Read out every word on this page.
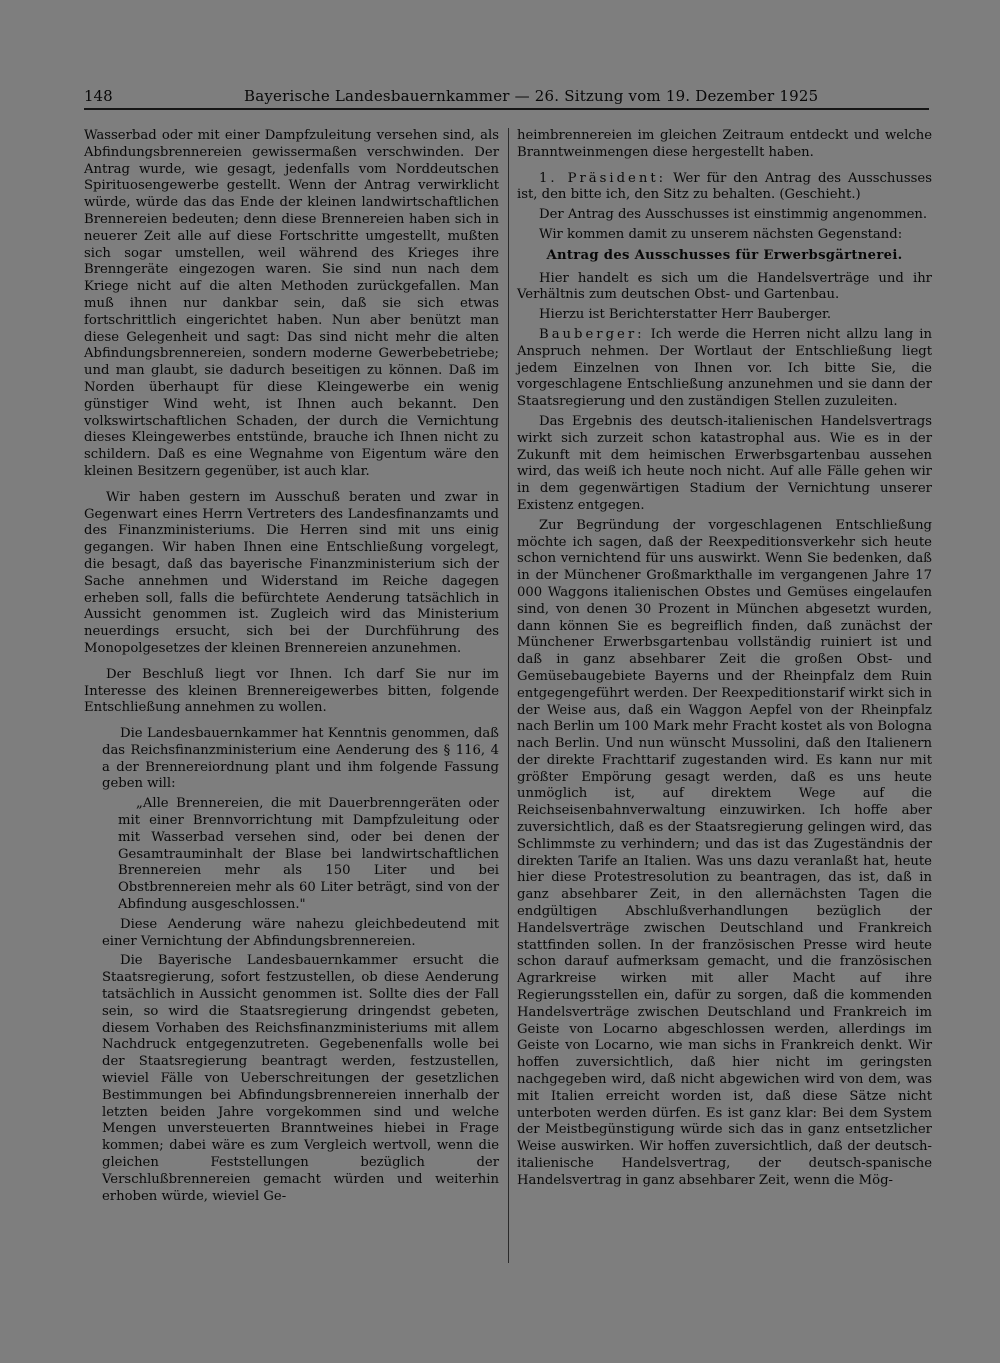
148	Bayerische Landesbauernkammer — 26. Sitzung vom 19. Dezember 1925

Wasserbad oder mit einer Dampfzuleitung versehen sind, als Abfindungsbrennereien gewissermaßen verschwinden. Der Antrag wurde, wie gesagt, jedenfalls vom Norddeutschen Spirituosengewerbe gestellt. Wenn der Antrag verwirklicht würde, würde das das Ende der kleinen landwirtschaftlichen Brennereien bedeuten; denn diese Brennereien haben sich in neuerer Zeit alle auf diese Fortschritte umgestellt, mußten sich sogar umstellen, weil während des Krieges ihre Brenngeräte eingezogen waren. Sie sind nun nach dem Kriege nicht auf die alten Methoden zurückgefallen. Man muß ihnen nur dankbar sein, daß sie sich etwas fortschrittlich eingerichtet haben. Nun aber benützt man diese Gelegenheit und sagt: Das sind nicht mehr die alten Abfindungsbrennereien, sondern moderne Gewerbebetriebe; und man glaubt, sie dadurch beseitigen zu können. Daß im Norden überhaupt für diese Kleingewerbe ein wenig günstiger Wind weht, ist Ihnen auch bekannt. Den volkswirtschaftlichen Schaden, der durch die Vernichtung dieses Kleingewerbes entstünde, brauche ich Ihnen nicht zu schildern. Daß es eine Wegnahme von Eigentum wäre den kleinen Besitzern gegenüber, ist auch klar.

Wir haben gestern im Ausschuß beraten und zwar in Gegenwart eines Herrn Vertreters des Landesfinanzamts und des Finanzministeriums. Die Herren sind mit uns einig gegangen. Wir haben Ihnen eine Entschließung vorgelegt, die besagt, daß das bayerische Finanzministerium sich der Sache annehmen und Widerstand im Reiche dagegen erheben soll, falls die befürchtete Aenderung tatsächlich in Aussicht genommen ist. Zugleich wird das Ministerium neuerdings ersucht, sich bei der Durchführung des Monopolgesetzes der kleinen Brennereien anzunehmen.

Der Beschluß liegt vor Ihnen. Ich darf Sie nur im Interesse des kleinen Brennereigewerbes bitten, folgende Entschließung annehmen zu wollen.

Die Landesbauernkammer hat Kenntnis genommen, daß das Reichsfinanzministerium eine Aenderung des § 116, 4 a der Brennereiordnung plant und ihm folgende Fassung geben will:

„Alle Brennereien, die mit Dauerbrenngeräten oder mit einer Brennvorrichtung mit Dampfzuleitung oder mit Wasserbad versehen sind, oder bei denen der Gesamtrauminhalt der Blase bei landwirtschaftlichen Brennereien mehr als 150 Liter und bei Obstbrennereien mehr als 60 Liter beträgt, sind von der Abfindung ausgeschlossen."

Diese Aenderung wäre nahezu gleichbedeutend mit einer Vernichtung der Abfindungsbrennereien.

Die Bayerische Landesbauernkammer ersucht die Staatsregierung, sofort festzustellen, ob diese Aenderung tatsächlich in Aussicht genommen ist. Sollte dies der Fall sein, so wird die Staatsregierung dringendst gebeten, diesem Vorhaben des Reichsfinanzministeriums mit allem Nachdruck entgegenzutreten. Gegebenenfalls wolle bei der Staatsregierung beantragt werden, festzustellen, wieviel Fälle von Ueberschreitungen der gesetzlichen Bestimmungen bei Abfindungsbrennereien innerhalb der letzten beiden Jahre vorgekommen sind und welche Mengen unversteuerten Branntweines hiebei in Frage kommen; dabei wäre es zum Vergleich wertvoll, wenn die gleichen Feststellungen bezüglich der Verschlußbrennereien gemacht würden und weiterhin erhoben würde, wieviel Ge-

heimbrennereien im gleichen Zeitraum entdeckt und welche Branntweinmengen diese hergestellt haben.

1. Präsident: Wer für den Antrag des Ausschusses ist, den bitte ich, den Sitz zu behalten. (Geschieht.)

Der Antrag des Ausschusses ist einstimmig angenommen.

Wir kommen damit zu unserem nächsten Gegenstand:

Antrag des Ausschusses für Erwerbsgärtnerei.

Hier handelt es sich um die Handelsverträge und ihr Verhältnis zum deutschen Obst- und Gartenbau.

Hierzu ist Berichterstatter Herr Bauberger.

Bauberger: Ich werde die Herren nicht allzu lang in Anspruch nehmen. Der Wortlaut der Entschließung liegt jedem Einzelnen von Ihnen vor. Ich bitte Sie, die vorgeschlagene Entschließung anzunehmen und sie dann der Staatsregierung und den zuständigen Stellen zuzuleiten.

Das Ergebnis des deutsch-italienischen Handelsvertrags wirkt sich zurzeit schon katastrophal aus. Wie es in der Zukunft mit dem heimischen Erwerbsgartenbau aussehen wird, das weiß ich heute noch nicht. Auf alle Fälle gehen wir in dem gegenwärtigen Stadium der Vernichtung unserer Existenz entgegen.

Zur Begründung der vorgeschlagenen Entschließung möchte ich sagen, daß der Reexpeditionsverkehr sich heute schon vernichtend für uns auswirkt. Wenn Sie bedenken, daß in der Münchener Großmarkthalle im vergangenen Jahre 17 000 Waggons italienischen Obstes und Gemüses eingelaufen sind, von denen 30 Prozent in München abgesetzt wurden, dann können Sie es begreiflich finden, daß zunächst der Münchener Erwerbsgartenbau vollständig ruiniert ist und daß in ganz absehbarer Zeit die großen Obst- und Gemüsebaugebiete Bayerns und der Rheinpfalz dem Ruin entgegengeführt werden. Der Reexpeditionstarif wirkt sich in der Weise aus, daß ein Waggon Aepfel von der Rheinpfalz nach Berlin um 100 Mark mehr Fracht kostet als von Bologna nach Berlin. Und nun wünscht Mussolini, daß den Italienern der direkte Frachttarif zugestanden wird. Es kann nur mit größter Empörung gesagt werden, daß es uns heute unmöglich ist, auf direktem Wege auf die Reichseisenbahnverwaltung einzuwirken. Ich hoffe aber zuversichtlich, daß es der Staatsregierung gelingen wird, das Schlimmste zu verhindern; und das ist das Zugeständnis der direkten Tarife an Italien. Was uns dazu veranlaßt hat, heute hier diese Protestresolution zu beantragen, das ist, daß in ganz absehbarer Zeit, in den allernächsten Tagen die endgültigen Abschlußverhandlungen bezüglich der Handelsverträge zwischen Deutschland und Frankreich stattfinden sollen. In der französischen Presse wird heute schon darauf aufmerksam gemacht, und die französischen Agrarkreise wirken mit aller Macht auf ihre Regierungsstellen ein, dafür zu sorgen, daß die kommenden Handelsverträge zwischen Deutschland und Frankreich im Geiste von Locarno abgeschlossen werden, allerdings im Geiste von Locarno, wie man sichs in Frankreich denkt. Wir hoffen zuversichtlich, daß hier nicht im geringsten nachgegeben wird, daß nicht abgewichen wird von dem, was mit Italien erreicht worden ist, daß diese Sätze nicht unterboten werden dürfen. Es ist ganz klar: Bei dem System der Meistbegünstigung würde sich das in ganz entsetzlicher Weise auswirken. Wir hoffen zuversichtlich, daß der deutsch-italienische Handelsvertrag, der deutsch-spanische Handelsvertrag in ganz absehbarer Zeit, wenn die Mög-
